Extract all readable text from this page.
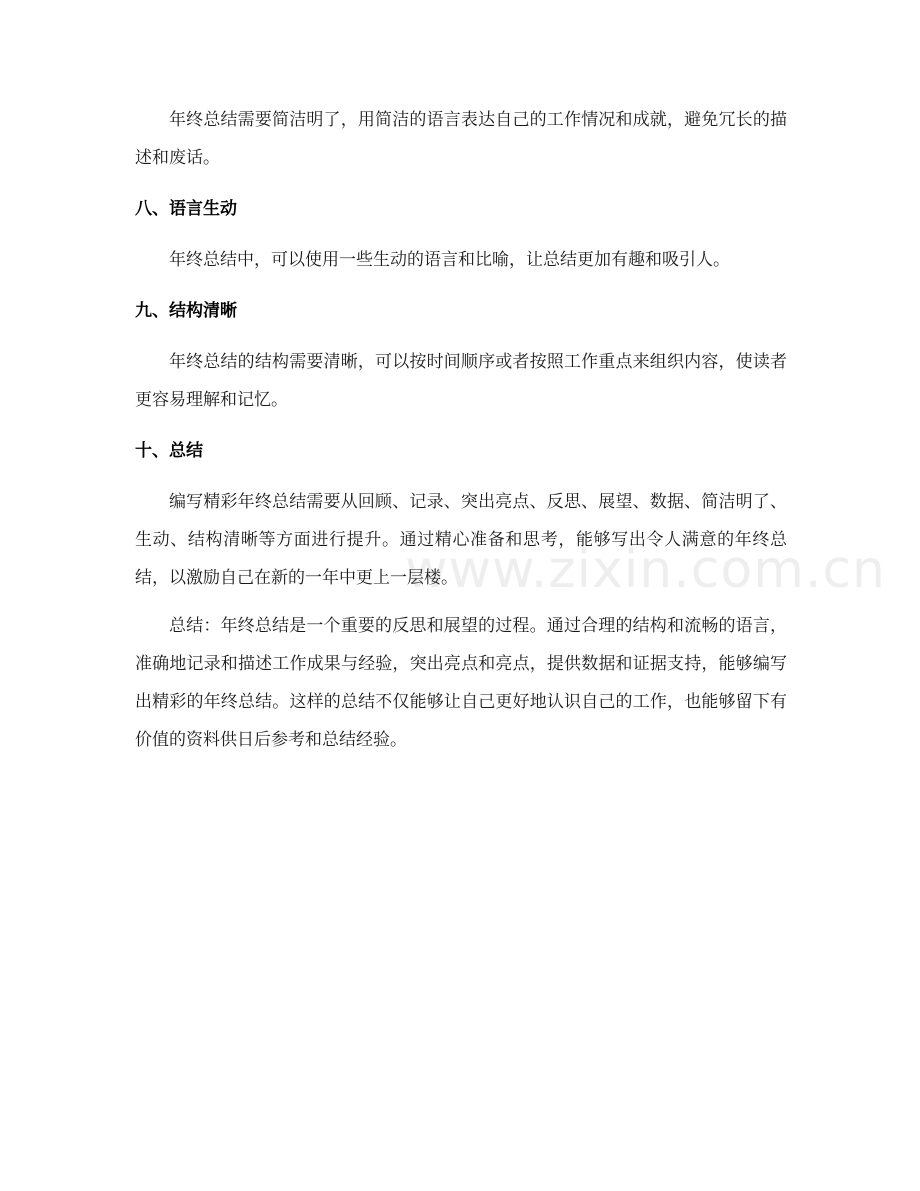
年终总结需要简洁明了，用简洁的语言表达自己的工作情况和成就，避免冗长的描述和废话。

八、语言生动

年终总结中，可以使用一些生动的语言和比喻，让总结更加有趣和吸引人。

九、结构清晰

年终总结的结构需要清晰，可以按时间顺序或者按照工作重点来组织内容，使读者更容易理解和记忆。

十、总结

编写精彩年终总结需要从回顾、记录、突出亮点、反思、展望、数据、简洁明了、生动、结构清晰等方面进行提升。通过精心准备和思考，能够写出令人满意的年终总结，以激励自己在新的一年中更上一层楼。

总结：年终总结是一个重要的反思和展望的过程。通过合理的结构和流畅的语言，准确地记录和描述工作成果与经验，突出亮点和亮点，提供数据和证据支持，能够编写出精彩的年终总结。这样的总结不仅能够让自己更好地认识自己的工作，也能够留下有价值的资料供日后参考和总结经验。

www.zixin.com.cn
